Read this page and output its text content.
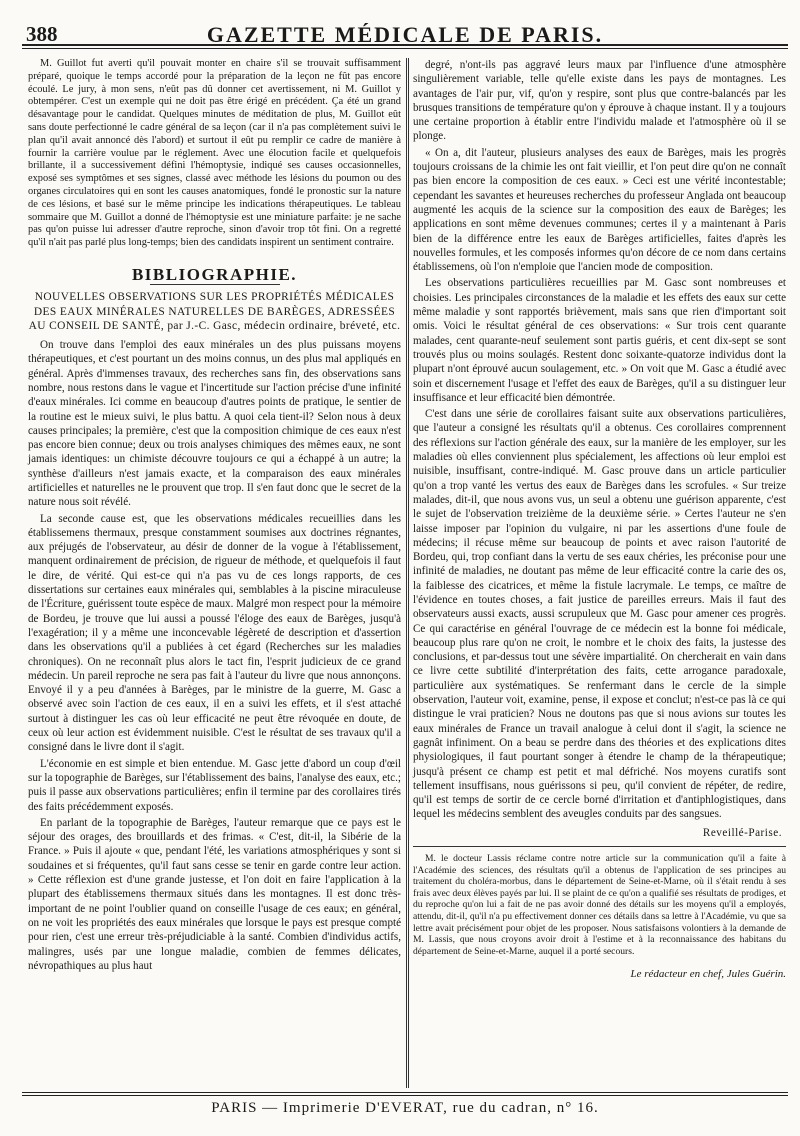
388	GAZETTE MÉDICALE DE PARIS.

M. Guillot fut averti qu'il pouvait monter en chaire s'il se trouvait suffisamment préparé, quoique le temps accordé pour la préparation de la leçon ne fût pas encore écoulé. Le jury, à mon sens, n'eût pas dû donner cet avertissement, ni M. Guillot y obtempérer. C'est un exemple qui ne doit pas être érigé en précédent. Ça été un grand désavantage pour le candidat. Quelques minutes de méditation de plus, M. Guillot eût sans doute perfectionné le cadre général de sa leçon (car il n'a pas complètement suivi le plan qu'il avait annoncé dès l'abord) et surtout il eût pu remplir ce cadre de manière à fournir la carrière voulue par le réglement. Avec une élocution facile et quelquefois brillante, il a successivement défini l'hémoptysie, indiqué ses causes occasionnelles, exposé ses symptômes et ses signes, classé avec méthode les lésions du poumon ou des organes circulatoires qui en sont les causes anatomiques, fondé le pronostic sur la nature de ces lésions, et basé sur le même principe les indications thérapeutiques. Le tableau sommaire que M. Guillot a donné de l'hémoptysie est une miniature parfaite: je ne sache pas qu'on puisse lui adresser d'autre reproche, sinon d'avoir trop tôt fini. On a regretté qu'il n'ait pas parlé plus long-temps; bien des candidats inspirent un sentiment contraire.

BIBLIOGRAPHIE.
NOUVELLES OBSERVATIONS SUR LES PROPRIÉTÉS MÉDICALES DES EAUX MINÉRALES NATURELLES DE BARÈGES, ADRESSÉES AU CONSEIL DE SANTÉ, par J.-C. Gasc, médecin ordinaire, bréveté, etc.

On trouve dans l'emploi des eaux minérales un des plus puissans moyens thérapeutiques, et c'est pourtant un des moins connus, un des plus mal appliqués en général. Après d'immenses travaux, des recherches sans fin, des observations sans nombre, nous restons dans le vague et l'incertitude sur l'action précise d'une infinité d'eaux minérales. Ici comme en beaucoup d'autres points de pratique, le sentier de la routine est le mieux suivi, le plus battu. A quoi cela tient-il? Selon nous à deux causes principales; la première, c'est que la composition chimique de ces eaux n'est pas encore bien connue; deux ou trois analyses chimiques des mêmes eaux, ne sont jamais identiques: un chimiste découvre toujours ce qui a échappé à un autre; la synthèse d'ailleurs n'est jamais exacte, et la comparaison des eaux minérales artificielles et naturelles ne le prouvent que trop. Il s'en faut donc que le secret de la nature nous soit révélé.

La seconde cause est, que les observations médicales recueillies dans les établissemens thermaux, presque constamment soumises aux doctrines régnantes, aux préjugés de l'observateur, au désir de donner de la vogue à l'établissement, manquent ordinairement de précision, de rigueur de méthode, et quelquefois il faut le dire, de vérité. Qui est-ce qui n'a pas vu de ces longs rapports, de ces dissertations sur certaines eaux minérales qui, semblables à la piscine miraculeuse de l'Écriture, guérissent toute espèce de maux. Malgré mon respect pour la mémoire de Bordeu, je trouve que lui aussi a poussé l'éloge des eaux de Barèges, jusqu'à l'exagération; il y a même une inconcevable légèreté de description et d'assertion dans les observations qu'il a publiées à cet égard (Recherches sur les maladies chroniques). On ne reconnaît plus alors le tact fin, l'esprit judicieux de ce grand médecin. Un pareil reproche ne sera pas fait à l'auteur du livre que nous annonçons. Envoyé il y a peu d'années à Barèges, par le ministre de la guerre, M. Gasc a observé avec soin l'action de ces eaux, il en a suivi les effets, et il s'est attaché surtout à distinguer les cas où leur efficacité ne peut être révoquée en doute, de ceux où leur action est évidemment nuisible. C'est le résultat de ses travaux qu'il a consigné dans le livre dont il s'agit.

L'économie en est simple et bien entendue. M. Gasc jette d'abord un coup d'œil sur la topographie de Barèges, sur l'établissement des bains, l'analyse des eaux, etc.; puis il passe aux observations particulières; enfin il termine par des corollaires tirés des faits précédemment exposés.

En parlant de la topographie de Barèges, l'auteur remarque que ce pays est le séjour des orages, des brouillards et des frimas. « C'est, dit-il, la Sibérie de la France. » Puis il ajoute « que, pendant l'été, les variations atmosphériques y sont si soudaines et si fréquentes, qu'il faut sans cesse se tenir en garde contre leur action. » Cette réflexion est d'une grande justesse, et l'on doit en faire l'application à la plupart des établissemens thermaux situés dans les montagnes. Il est donc très-important de ne point l'oublier quand on conseille l'usage de ces eaux; en général, on ne voit les propriétés des eaux minérales que lorsque le pays est presque compté pour rien, c'est une erreur très-préjudiciable à la santé. Combien d'individus actifs, malingres, usés par une longue maladie, combien de femmes délicates, névropathiques au plus haut

degré, n'ont-ils pas aggravé leurs maux par l'influence d'une atmosphère singulièrement variable, telle qu'elle existe dans les pays de montagnes. Les avantages de l'air pur, vif, qu'on y respire, sont plus que contre-balancés par les brusques transitions de température qu'on y éprouve à chaque instant. Il y a toujours une certaine proportion à établir entre l'individu malade et l'atmosphère où il se plonge.

« On a, dit l'auteur, plusieurs analyses des eaux de Barèges, mais les progrès toujours croissans de la chimie les ont fait vieillir, et l'on peut dire qu'on ne connaît pas bien encore la composition de ces eaux. » Ceci est une vérité incontestable; cependant les savantes et heureuses recherches du professeur Anglada ont beaucoup augmenté les acquis de la science sur la composition des eaux de Barèges; les applications en sont même devenues communes; certes il y a maintenant à Paris bien de la différence entre les eaux de Barèges artificielles, faites d'après les nouvelles formules, et les composés informes qu'on décore de ce nom dans certains établissemens, où l'on n'emploie que l'ancien mode de composition.

Les observations particulières recueillies par M. Gasc sont nombreuses et choisies. Les principales circonstances de la maladie et les effets des eaux sur cette même maladie y sont rapportés brièvement, mais sans que rien d'important soit omis. Voici le résultat général de ces observations: « Sur trois cent quarante malades, cent quarante-neuf seulement sont partis guéris, et cent dix-sept se sont trouvés plus ou moins soulagés. Restent donc soixante-quatorze individus dont la plupart n'ont éprouvé aucun soulagement, etc. » On voit que M. Gasc a étudié avec soin et discernement l'usage et l'effet des eaux de Barèges, qu'il a su distinguer leur insuffisance et leur efficacité bien démontrée.

C'est dans une série de corollaires faisant suite aux observations particulières, que l'auteur a consigné les résultats qu'il a obtenus. Ces corollaires comprennent des réflexions sur l'action générale des eaux, sur la manière de les employer, sur les maladies où elles conviennent plus spécialement, les affections où leur emploi est nuisible, insuffisant, contre-indiqué. M. Gasc prouve dans un article particulier qu'on a trop vanté les vertus des eaux de Barèges dans les scrofules. « Sur treize malades, dit-il, que nous avons vus, un seul a obtenu une guérison apparente, c'est le sujet de l'observation treizième de la deuxième série. » Certes l'auteur ne s'en laisse imposer par l'opinion du vulgaire, ni par les assertions d'une foule de médecins; il récuse même sur beaucoup de points et avec raison l'autorité de Bordeu, qui, trop confiant dans la vertu de ses eaux chéries, les préconise pour une infinité de maladies, ne doutant pas même de leur efficacité contre la carie des os, la faiblesse des cicatrices, et même la fistule lacrymale. Le temps, ce maître de l'évidence en toutes choses, a fait justice de pareilles erreurs. Mais il faut des observateurs aussi exacts, aussi scrupuleux que M. Gasc pour amener ces progrès. Ce qui caractérise en général l'ouvrage de ce médecin est la bonne foi médicale, beaucoup plus rare qu'on ne croit, le nombre et le choix des faits, la justesse des conclusions, et par-dessus tout une sévère impartialité. On chercherait en vain dans ce livre cette subtilité d'interprétation des faits, cette arrogance paradoxale, particulière aux systématiques. Se renfermant dans le cercle de la simple observation, l'auteur voit, examine, pense, il expose et conclut; n'est-ce pas là ce qui distingue le vrai praticien? Nous ne doutons pas que si nous avions sur toutes les eaux minérales de France un travail analogue à celui dont il s'agit, la science ne gagnât infiniment. On a beau se perdre dans des théories et des explications dites physiologiques, il faut pourtant songer à étendre le champ de la thérapeutique; jusqu'à présent ce champ est petit et mal défriché. Nos moyens curatifs sont tellement insuffisans, nous guérissons si peu, qu'il convient de répéter, de redire, qu'il est temps de sortir de ce cercle borné d'irritation et d'antiphlogistiques, dans lequel les médecins semblent des aveugles conduits par des sangsues.

Reveillé-Parise.

M. le docteur Lassis réclame contre notre article sur la communication qu'il a faite à l'Académie des sciences, des résultats qu'il a obtenus de l'application de ses principes au traitement du choléra-morbus, dans le département de Seine-et-Marne, où il s'était rendu à ses frais avec deux élèves payés par lui. Il se plaint de ce qu'on a qualifié ses résultats de prodiges, et du reproche qu'on lui a fait de ne pas avoir donné des détails sur les moyens qu'il a employés, attendu, dit-il, qu'il n'a pu effectivement donner ces détails dans sa lettre à l'Académie, vu que sa lettre avait précisément pour objet de les proposer. Nous satisfaisons volontiers à la demande de M. Lassis, que nous croyons avoir droit à l'estime et à la reconnaissance des habitans du département de Seine-et-Marne, auquel il a porté secours.

Le rédacteur en chef, Jules Guérin.
PARIS — Imprimerie D'EVERAT, rue du cadran, n° 16.
